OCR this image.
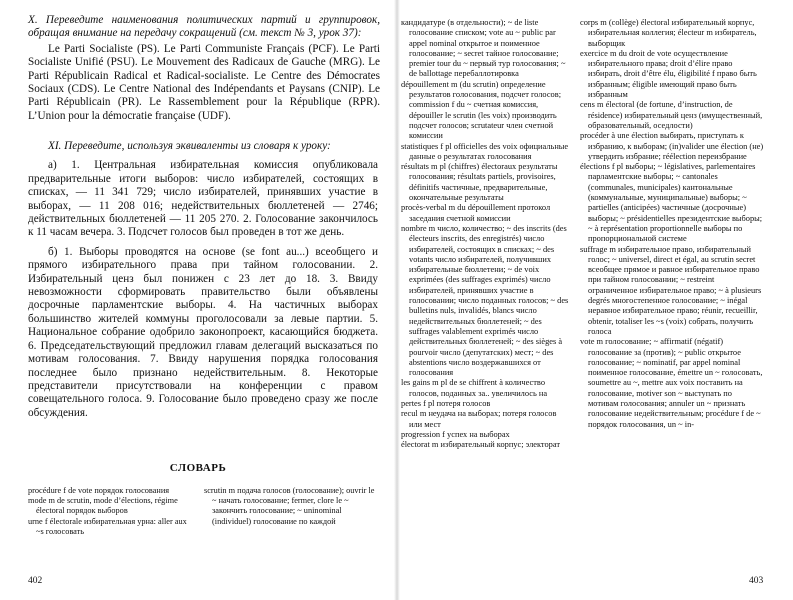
X. Переведите наименования политических партий и группировок, обращая внимание на передачу сокращений (см. текст № 3, урок 37):
Le Parti Socialiste (PS). Le Parti Communiste Français (PCF). Le Parti Socialiste Unifié (PSU). Le Mouvement des Radicaux de Gauche (MRG). Le Parti Républicain Radical et Radical-socialiste. Le Centre des Démocrates Sociaux (CDS). Le Centre National des Indépendants et Paysans (CNIP). Le Parti Républicain (PR). Le Rassemblement pour la République (RPR). L’Union pour la démocratie française (UDF).
XI. Переведите, используя эквиваленты из словаря к уроку:
а) 1. Центральная избирательная комиссия опубликовала предварительные итоги выборов: число избирателей, состоящих в списках, — 11 341 729; число избирателей, принявших участие в выборах, — 11 208 016; недействительных бюллетеней — 2746; действительных бюллетеней — 11 205 270. 2. Голосование закончилось к 11 часам вечера. 3. Подсчет голосов был проведен в тот же день.
б) 1. Выборы проводятся на основе (se font au...) всеобщего и прямого избирательного права при тайном голосовании. 2. Избирательный ценз был понижен с 23 лет до 18. 3. Ввиду невозможности сформировать правительство были объявлены досрочные парламентские выборы. 4. На частичных выборах большинство жителей коммуны проголосовали за левые партии. 5. Национальное собрание одобрило законопроект, касающийся бюджета. 6. Председательствующий предложил главам делегаций высказаться по мотивам голосования. 7. Ввиду нарушения порядка голосования последнее было признано недействительным. 8. Некоторые представители присутствовали на конференции с правом совещательного голоса. 9. Голосование было проведено сразу же после обсуждения.
СЛОВАРЬ

procédure f de vote порядок голосования

mode m de scrutin, mode d’élections, régime électoral порядок выборов

urne f électorale избирательная урна: aller aux ~s голосовать

scrutin m подача голосов (голосование); ouvrir le ~ начать голосование; fermer, clore le ~ закончить голосование; ~ uninominal (individuel) голосование по каждой

402

кандидатуре (в отдельности); ~ de liste голосование списком; vote au ~ public par appel nominal открытое и поименное голосование; ~ secret тайное голосование; premier tour du ~ первый тур голосования; ~ de ballottage перебаллотировка

dépouillement m (du scrutin) определение результатов голосования, подсчет голосов; commission f du ~ счетная комиссия, dépouiller le scrutin (les voix) производить подсчет голосов; scrutateur член счетной комиссии

statistiques f pl officielles des voix официальные данные о результатах голосования

résultats m pl (chiffres) électoraux результаты голосования; résultats partiels, provisoires, définitifs частичные, предварительные, окончательные результаты

procès-verbal m du dépouillement протокол заседания счетной комиссии

nombre m число, количество; ~ des inscrits (des électeurs inscrits, des enregistrés) число избирателей, состоящих в списках; ~ des votants число избирателей, получивших избирательные бюллетени; ~ de voix exprimées (des suffrages exprimés) число избирателей, принявших участие в голосовании; число поданных голосов; ~ des bulletins nuls, invalidés, blancs число недействительных бюллетеней; ~ des suffrages valablement exprimés число действительных бюллетеней; ~ des sièges à pourvoir число (депутатских) мест; ~ des abstentions число воздержавшихся от голосования

les gains m pl de se chiffrent à количество голосов, поданных за.. увеличилось на

pertes f pl потеря голосов

recul m неудача на выборах; потеря голосов или мест

progression f успех на выборах

électorat m избирательный корпус; электорат

corps m (collège) électoral избирательный корпус, избирательная коллегия; électeur m избиратель, выборщик

exercice m du droit de vote осуществление избирательного права; droit d’élire право избирать, droit d’être élu, éligibilité f право быть избранным; éligible имеющий право быть избранным

cens m électoral (de fortune, d’instruction, de résidence) избирательный ценз (имущественный, образовательный, оседлости)

procéder à une élection выбирать, приступать к избранию, к выборам; (in)valider une élection (не) утвердить избрание; réélection переизбрание

élections f pl выборы; ~ législatives, parlementaires парламентские выборы; ~ cantonales (communales, municipales) кантональные (коммунальные, муниципальные) выборы; ~ partielles (anticipées) частичные (досрочные) выборы; ~ présidentielles президентские выборы; ~ à représentation proportionnelle выборы по пропорциональной системе

suffrage m избирательное право, избирательный голос; ~ universel, direct et égal, au scrutin secret всеобщее прямое и равное избирательное право при тайном голосовании; ~ restreint ограниченное избирательное право; ~ à plusieurs degrés многостепенное голосование; ~ inégal неравное избирательное право; réunir, recueillir, obtenir, totaliser les ~s (voix) собрать, получить голоса

vote m голосование; ~ affirmatif (négatif) голосование за (против); ~ public открытое голосование; ~ nominatif, par appel nominal поименное голосование, émettre un ~ голосовать, soumettre au ~, mettre aux voix поставить на голосование, motiver son ~ выступать по мотивам голосования; annuler un ~ признать голосование недействительным; procédure f de ~ порядок голосования, un ~ in-

403
